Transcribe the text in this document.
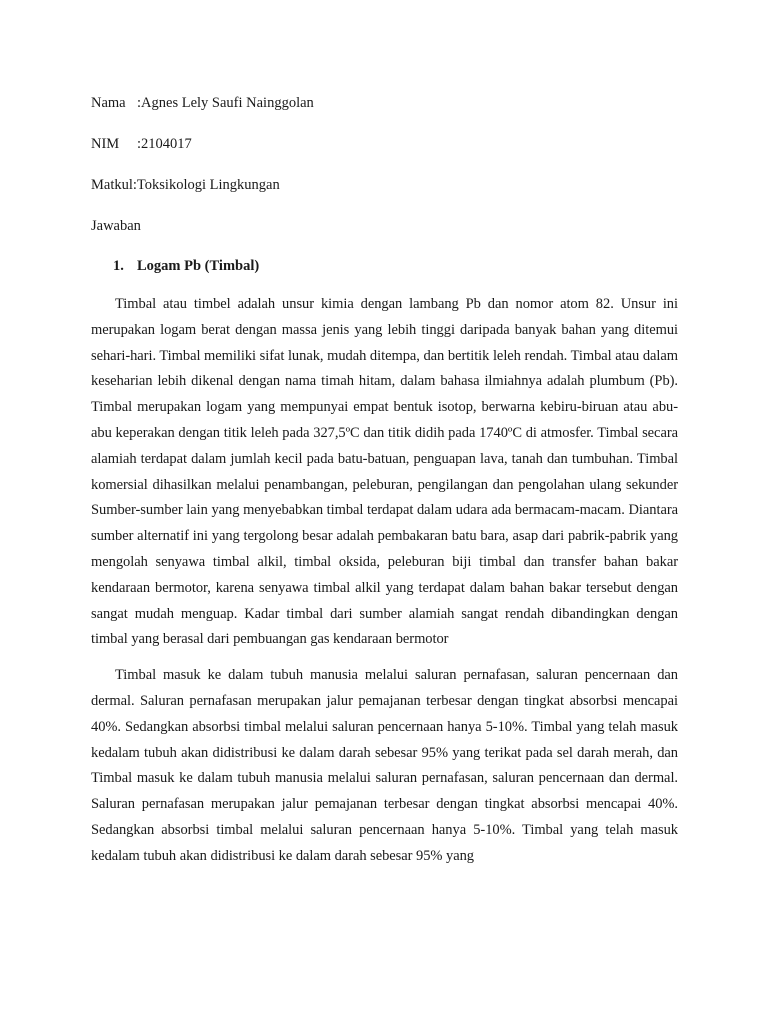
Nama :Agnes Lely Saufi Nainggolan
NIM :2104017
Matkul:Toksikologi Lingkungan
Jawaban
1. Logam Pb (Timbal)

Timbal atau timbel adalah unsur kimia dengan lambang Pb dan nomor atom 82. Unsur ini merupakan logam berat dengan massa jenis yang lebih tinggi daripada banyak bahan yang ditemui sehari-hari. Timbal memiliki sifat lunak, mudah ditempa, dan bertitik leleh rendah. Timbal atau dalam keseharian lebih dikenal dengan nama timah hitam, dalam bahasa ilmiahnya adalah plumbum (Pb). Timbal merupakan logam yang mempunyai empat bentuk isotop, berwarna kebiru-biruan atau abu-abu keperakan dengan titik leleh pada 327,5ºC dan titik didih pada 1740ºC di atmosfer. Timbal secara alamiah terdapat dalam jumlah kecil pada batu-batuan, penguapan lava, tanah dan tumbuhan. Timbal komersial dihasilkan melalui penambangan, peleburan, pengilangan dan pengolahan ulang sekunder Sumber-sumber lain yang menyebabkan timbal terdapat dalam udara ada bermacam-macam. Diantara sumber alternatif ini yang tergolong besar adalah pembakaran batu bara, asap dari pabrik-pabrik yang mengolah senyawa timbal alkil, timbal oksida, peleburan biji timbal dan transfer bahan bakar kendaraan bermotor, karena senyawa timbal alkil yang terdapat dalam bahan bakar tersebut dengan sangat mudah menguap. Kadar timbal dari sumber alamiah sangat rendah dibandingkan dengan timbal yang berasal dari pembuangan gas kendaraan bermotor

Timbal masuk ke dalam tubuh manusia melalui saluran pernafasan, saluran pencernaan dan dermal. Saluran pernafasan merupakan jalur pemajanan terbesar dengan tingkat absorbsi mencapai 40%. Sedangkan absorbsi timbal melalui saluran pencernaan hanya 5-10%. Timbal yang telah masuk kedalam tubuh akan didistribusi ke dalam darah sebesar 95% yang terikat pada sel darah merah, dan Timbal masuk ke dalam tubuh manusia melalui saluran pernafasan, saluran pencernaan dan dermal. Saluran pernafasan merupakan jalur pemajanan terbesar dengan tingkat absorbsi mencapai 40%. Sedangkan absorbsi timbal melalui saluran pencernaan hanya 5-10%. Timbal yang telah masuk kedalam tubuh akan didistribusi ke dalam darah sebesar 95% yang
